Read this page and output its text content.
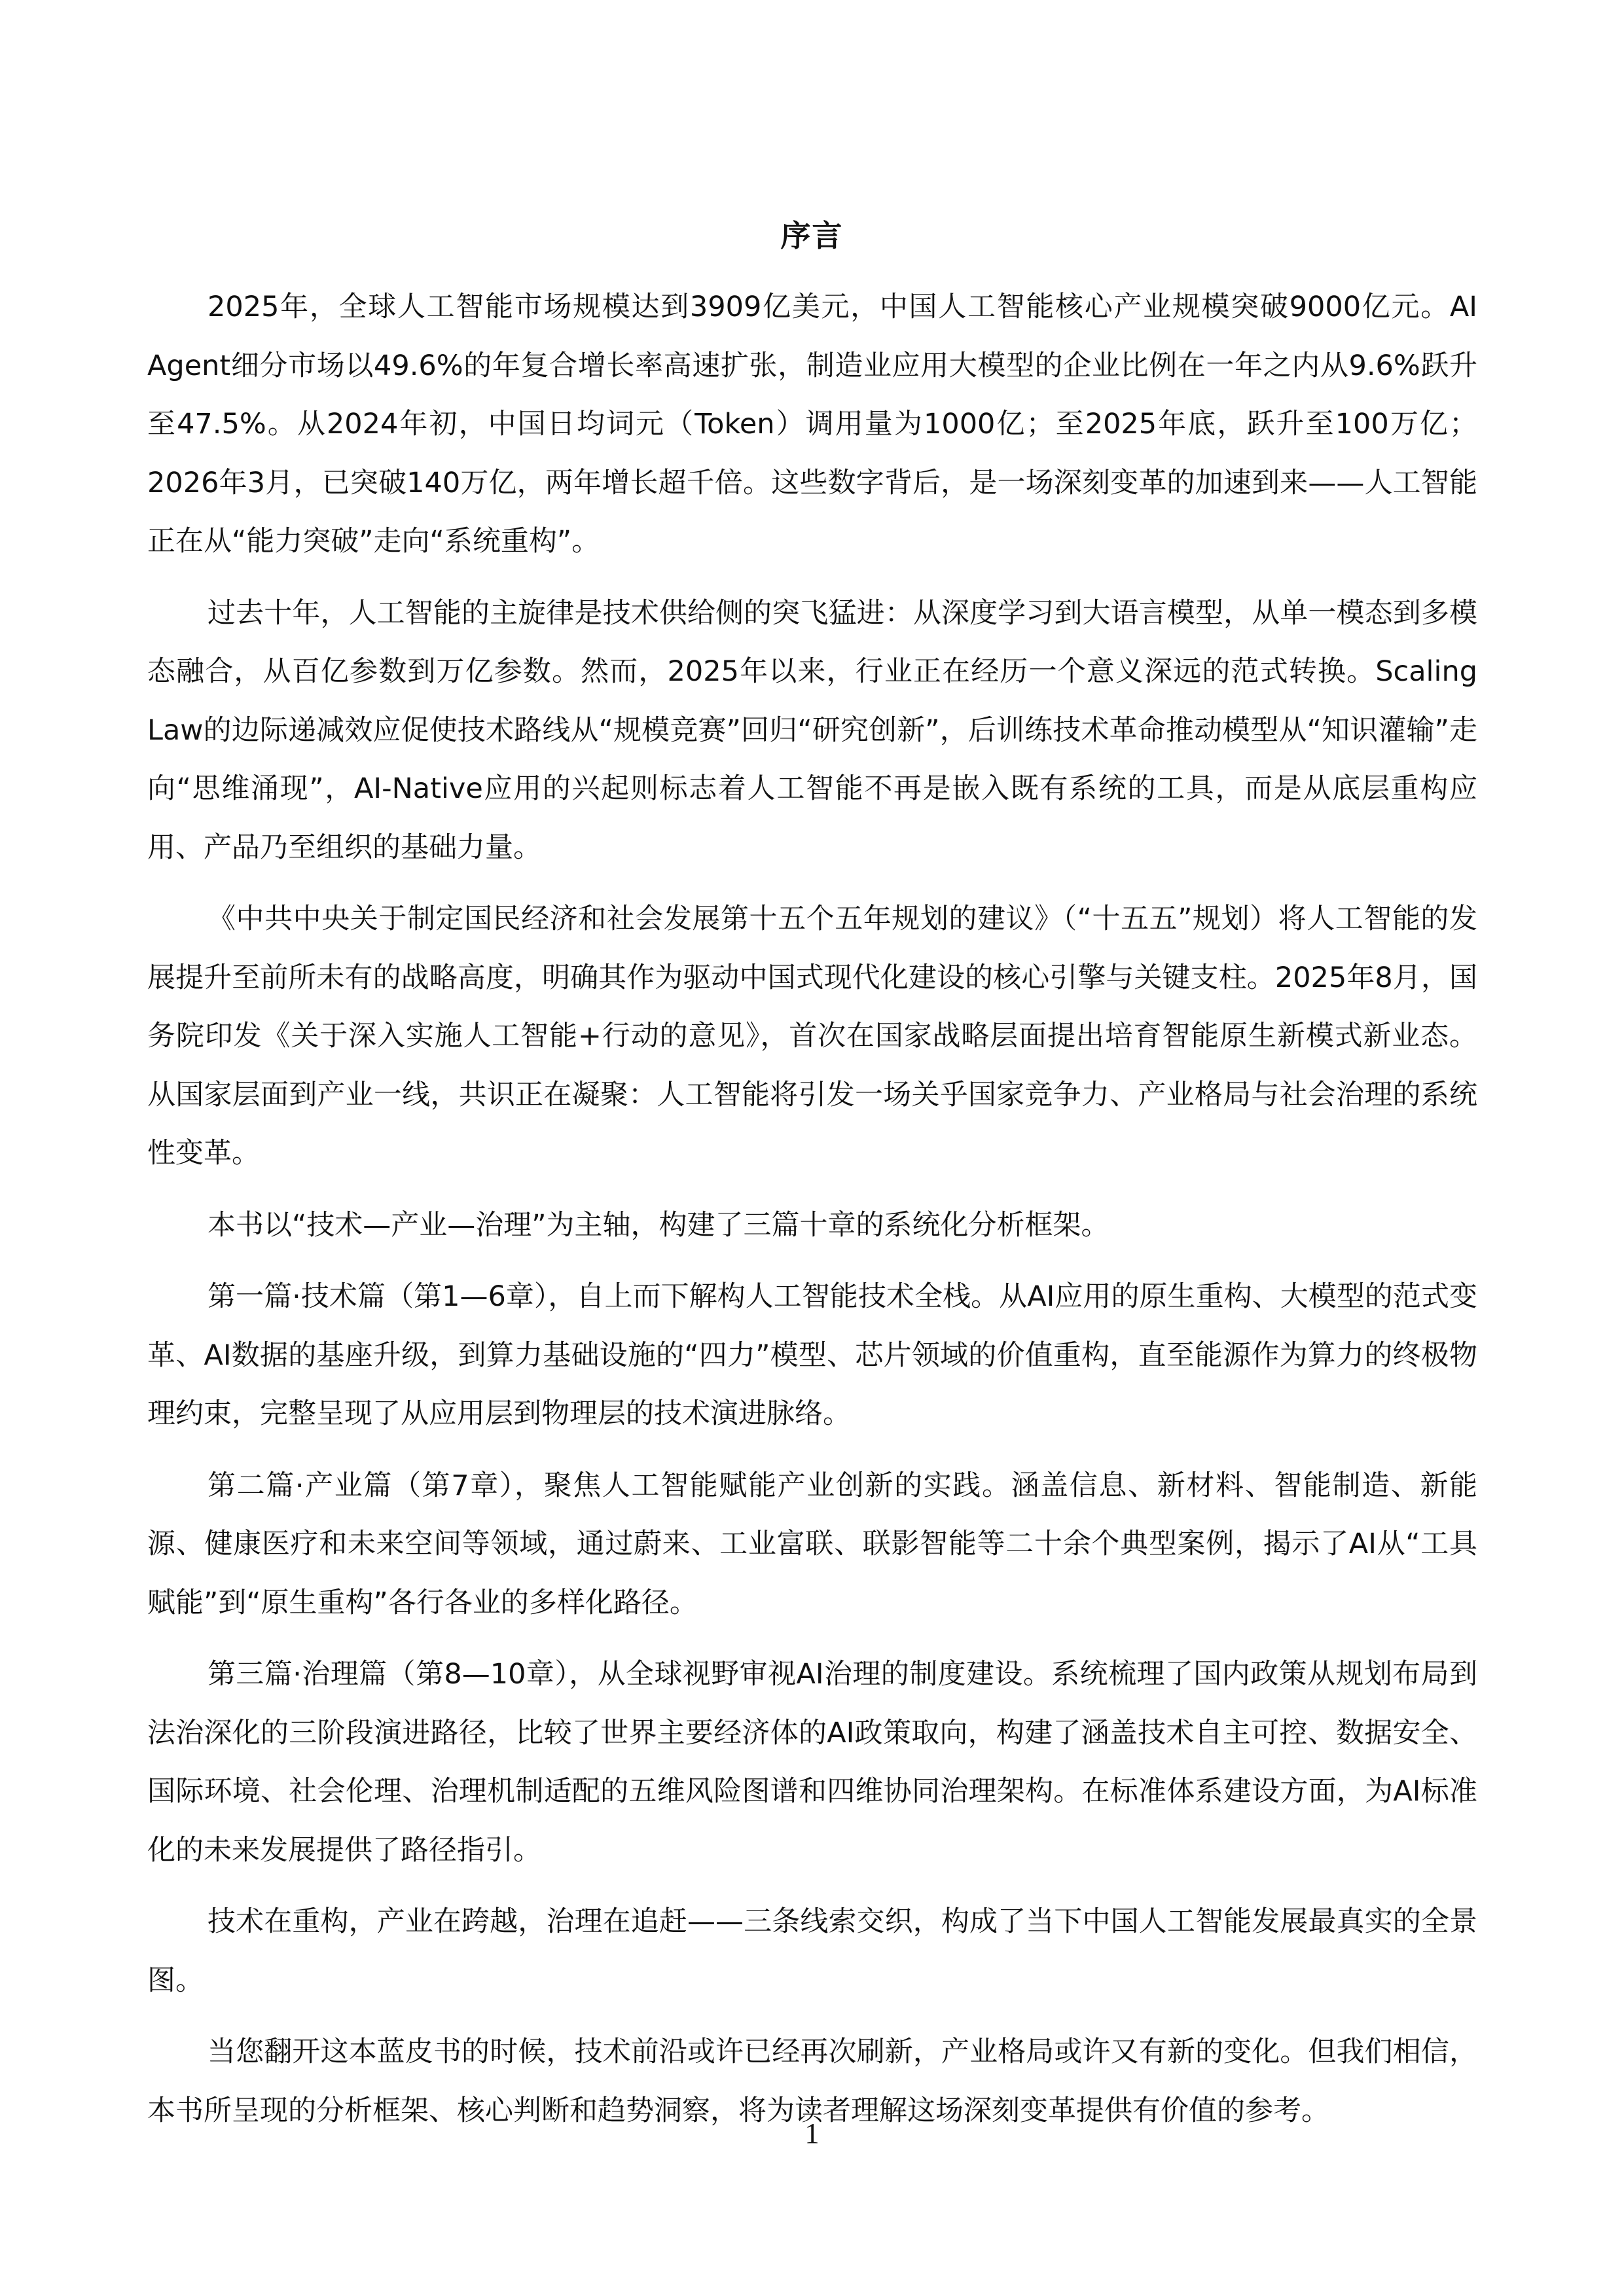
序言

2025年，全球人工智能市场规模达到3909亿美元，中国人工智能核心产业规模突破9000亿元。AI Agent细分市场以49.6%的年复合增长率高速扩张，制造业应用大模型的企业比例在一年之内从9.6%跃升至47.5%。从2024年初，中国日均词元（Token）调用量为1000亿；至2025年底，跃升至100万亿；2026年3月，已突破140万亿，两年增长超千倍。这些数字背后，是一场深刻变革的加速到来——人工智能正在从“能力突破”走向“系统重构”。

过去十年，人工智能的主旋律是技术供给侧的突飞猛进：从深度学习到大语言模型，从单一模态到多模态融合，从百亿参数到万亿参数。然而，2025年以来，行业正在经历一个意义深远的范式转换。Scaling Law的边际递减效应促使技术路线从“规模竞赛”回归“研究创新”，后训练技术革命推动模型从“知识灌输”走向“思维涌现”，AI-Native应用的兴起则标志着人工智能不再是嵌入既有系统的工具，而是从底层重构应用、产品乃至组织的基础力量。

《中共中央关于制定国民经济和社会发展第十五个五年规划的建议》（“十五五”规划）将人工智能的发展提升至前所未有的战略高度，明确其作为驱动中国式现代化建设的核心引擎与关键支柱。2025年8月，国务院印发《关于深入实施人工智能+行动的意见》，首次在国家战略层面提出培育智能原生新模式新业态。从国家层面到产业一线，共识正在凝聚：人工智能将引发一场关乎国家竞争力、产业格局与社会治理的系统性变革。

本书以“技术—产业—治理”为主轴，构建了三篇十章的系统化分析框架。

第一篇·技术篇（第1—6章），自上而下解构人工智能技术全栈。从AI应用的原生重构、大模型的范式变革、AI数据的基座升级，到算力基础设施的“四力”模型、芯片领域的价值重构，直至能源作为算力的终极物理约束，完整呈现了从应用层到物理层的技术演进脉络。

第二篇·产业篇（第7章），聚焦人工智能赋能产业创新的实践。涵盖信息、新材料、智能制造、新能源、健康医疗和未来空间等领域，通过蔚来、工业富联、联影智能等二十余个典型案例，揭示了AI从“工具赋能”到“原生重构”各行各业的多样化路径。

第三篇·治理篇（第8—10章），从全球视野审视AI治理的制度建设。系统梳理了国内政策从规划布局到法治深化的三阶段演进路径，比较了世界主要经济体的AI政策取向，构建了涵盖技术自主可控、数据安全、国际环境、社会伦理、治理机制适配的五维风险图谱和四维协同治理架构。在标准体系建设方面，为AI标准化的未来发展提供了路径指引。

技术在重构，产业在跨越，治理在追赶——三条线索交织，构成了当下中国人工智能发展最真实的全景图。

当您翻开这本蓝皮书的时候，技术前沿或许已经再次刷新，产业格局或许又有新的变化。但我们相信，本书所呈现的分析框架、核心判断和趋势洞察，将为读者理解这场深刻变革提供有价值的参考。

1
